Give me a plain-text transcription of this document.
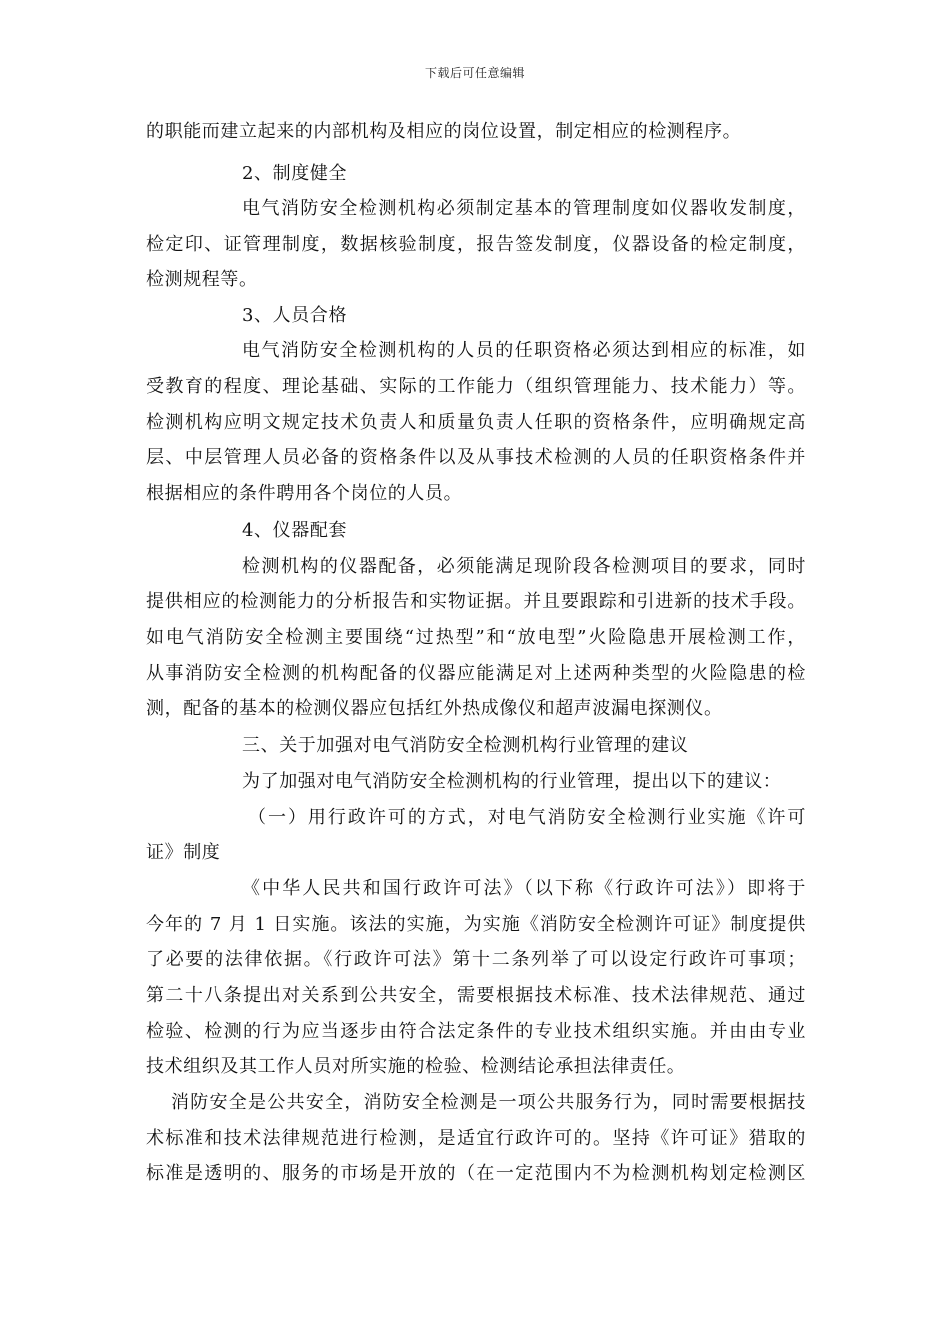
下载后可任意编辑
的职能而建立起来的内部机构及相应的岗位设置，制定相应的检测程序。
2、制度健全
电气消防安全检测机构必须制定基本的管理制度如仪器收发制度，
检定印、证管理制度，数据核验制度，报告签发制度，仪器设备的检定制度，
检测规程等。
3、人员合格
电气消防安全检测机构的人员的任职资格必须达到相应的标准，如
受教育的程度、理论基础、实际的工作能力（组织管理能力、技术能力）等。
检测机构应明文规定技术负责人和质量负责人任职的资格条件，应明确规定高
层、中层管理人员必备的资格条件以及从事技术检测的人员的任职资格条件并
根据相应的条件聘用各个岗位的人员。
4、仪器配套
检测机构的仪器配备，必须能满足现阶段各检测项目的要求，同时
提供相应的检测能力的分析报告和实物证据。并且要跟踪和引进新的技术手段。
如电气消防安全检测主要围绕“过热型”和“放电型”火险隐患开展检测工作，
从事消防安全检测的机构配备的仪器应能满足对上述两种类型的火险隐患的检
测，配备的基本的检测仪器应包括红外热成像仪和超声波漏电探测仪。
三、关于加强对电气消防安全检测机构行业管理的建议
为了加强对电气消防安全检测机构的行业管理，提出以下的建议：
（一）用行政许可的方式，对电气消防安全检测行业实施《许可
证》制度
《中华人民共和国行政许可法》（以下称《行政许可法》）即将于
今年的 7 月 1 日实施。该法的实施，为实施《消防安全检测许可证》制度提供
了必要的法律依据。《行政许可法》第十二条列举了可以设定行政许可事项；
第二十八条提出对关系到公共安全，需要根据技术标准、技术法律规范、通过
检验、检测的行为应当逐步由符合法定条件的专业技术组织实施。并由由专业
技术组织及其工作人员对所实施的检验、检测结论承担法律责任。
消防安全是公共安全，消防安全检测是一项公共服务行为，同时需要根据技
术标准和技术法律规范进行检测，是适宜行政许可的。坚持《许可证》猎取的
标准是透明的、服务的市场是开放的（在一定范围内不为检测机构划定检测区
